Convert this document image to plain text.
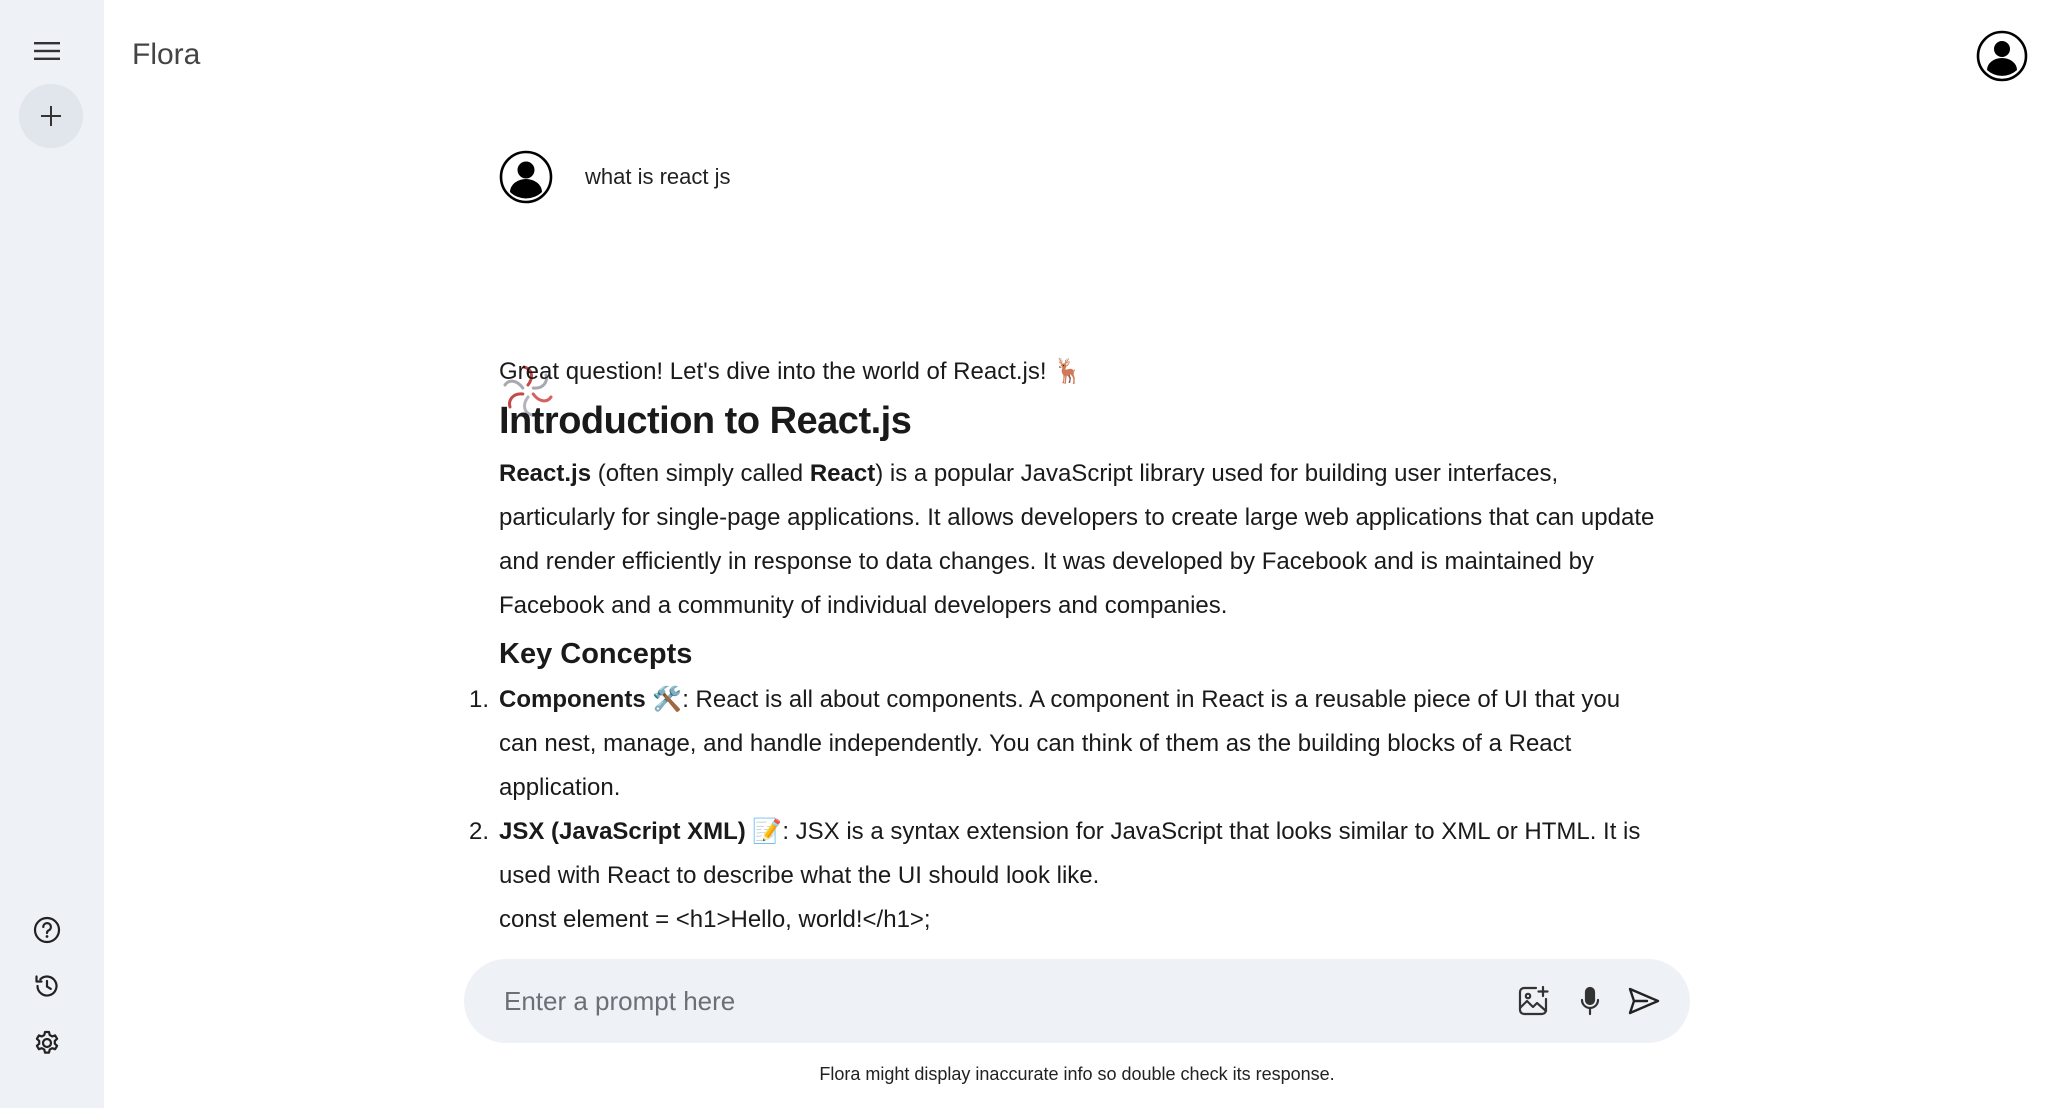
Flora
what is react js

Great question! Let's dive into the world of React.js! 🦌

Introduction to React.js

React.js (often simply called React) is a popular JavaScript library used for building user interfaces, particularly for single-page applications. It allows developers to create large web applications that can update and render efficiently in response to data changes. It was developed by Facebook and is maintained by Facebook and a community of individual developers and companies.

Key Concepts
1. Components 🛠️: React is all about components. A component in React is a reusable piece of UI that you can nest, manage, and handle independently. You can think of them as the building blocks of a React application.
2. JSX (JavaScript XML) 📝: JSX is a syntax extension for JavaScript that looks similar to XML or HTML. It is used with React to describe what the UI should look like.

const element = <h1>Hello, world!</h1>;

Enter a prompt here
Flora might display inaccurate info so double check its response.
